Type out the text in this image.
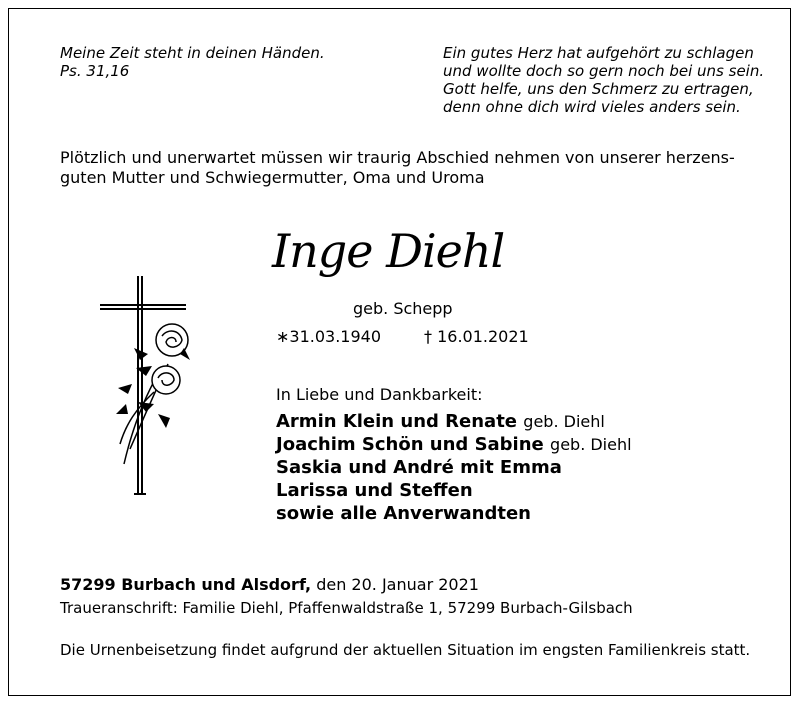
Meine Zeit steht in deinen Händen.
Ps. 31,16
Ein gutes Herz hat aufgehört zu schlagen
und wollte doch so gern noch bei uns sein.
Gott helfe, uns den Schmerz zu ertragen,
denn ohne dich wird vieles anders sein.
Plötzlich und unerwartet müssen wir traurig Abschied nehmen von unserer herzens-
guten Mutter und Schwiegermutter, Oma und Uroma
Inge Diehl
geb. Schepp
∗31.03.1940	† 16.01.2021
In Liebe und Dankbarkeit:
Armin Klein und Renate geb. Diehl
Joachim Schön und Sabine geb. Diehl
Saskia und André mit Emma
Larissa und Steffen
sowie alle Anverwandten
57299 Burbach und Alsdorf, den 20. Januar 2021
Traueranschrift: Familie Diehl, Pfaffenwaldstraße 1, 57299 Burbach-Gilsbach
Die Urnenbeisetzung findet aufgrund der aktuellen Situation im engsten Familienkreis statt.
